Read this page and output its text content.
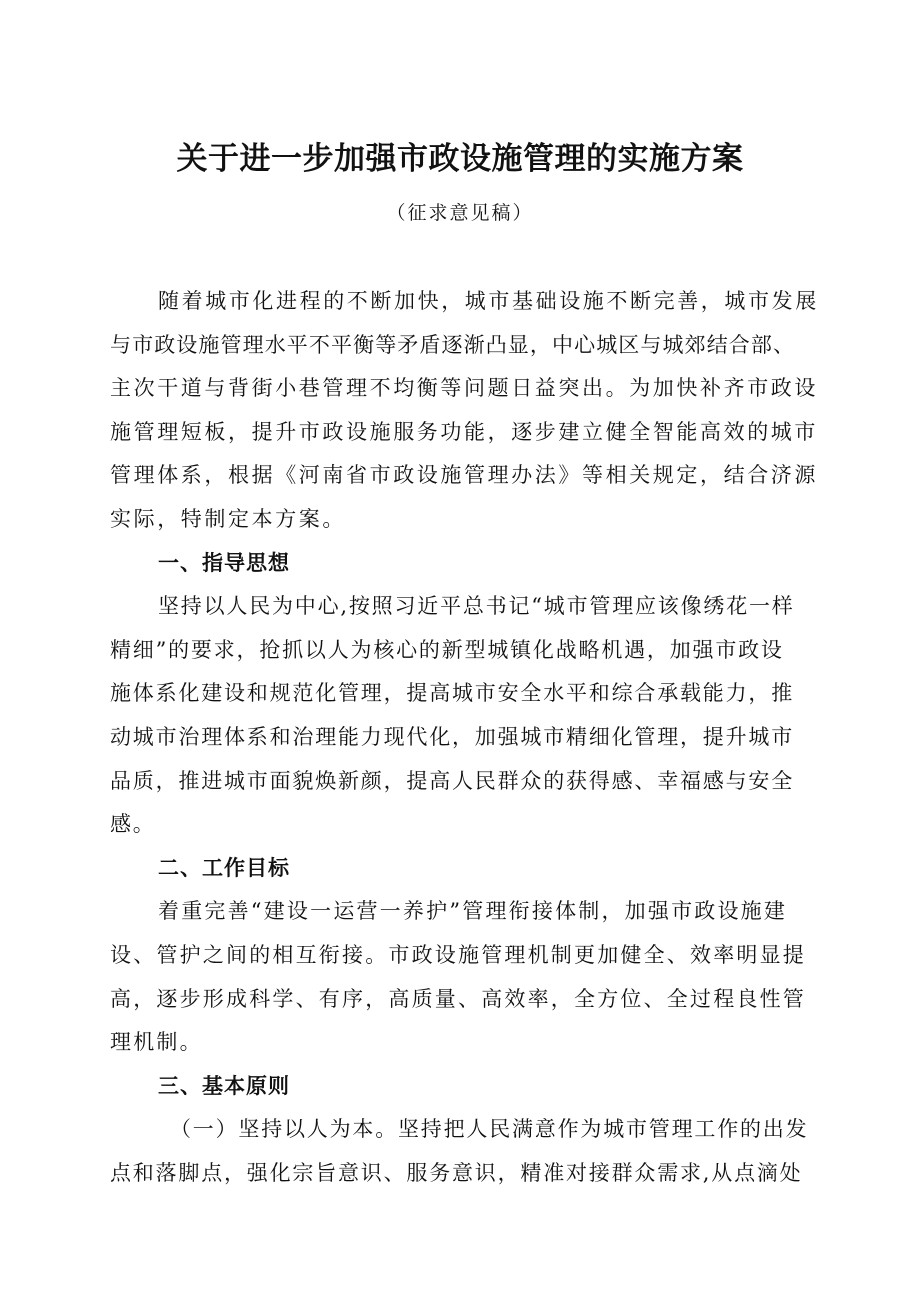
关于进一步加强市政设施管理的实施方案
（征求意见稿）

随着城市化进程的不断加快，城市基础设施不断完善，城市发展
与市政设施管理水平不平衡等矛盾逐渐凸显，中心城区与城郊结合部、
主次干道与背街小巷管理不均衡等问题日益突出。为加快补齐市政设
施管理短板，提升市政设施服务功能，逐步建立健全智能高效的城市
管理体系，根据《河南省市政设施管理办法》等相关规定，结合济源
实际，特制定本方案。

一、指导思想

坚持以人民为中心,按照习近平总书记“城市管理应该像绣花一样
精细”的要求，抢抓以人为核心的新型城镇化战略机遇，加强市政设
施体系化建设和规范化管理，提高城市安全水平和综合承载能力，推
动城市治理体系和治理能力现代化，加强城市精细化管理，提升城市
品质，推进城市面貌焕新颜，提高人民群众的获得感、幸福感与安全
感。

二、工作目标

着重完善“建设一运营一养护”管理衔接体制，加强市政设施建
设、管护之间的相互衔接。市政设施管理机制更加健全、效率明显提
高，逐步形成科学、有序，高质量、高效率，全方位、全过程良性管
理机制。

三、基本原则

（一）坚持以人为本。坚持把人民满意作为城市管理工作的出发
点和落脚点，强化宗旨意识、服务意识，精准对接群众需求,从点滴处
